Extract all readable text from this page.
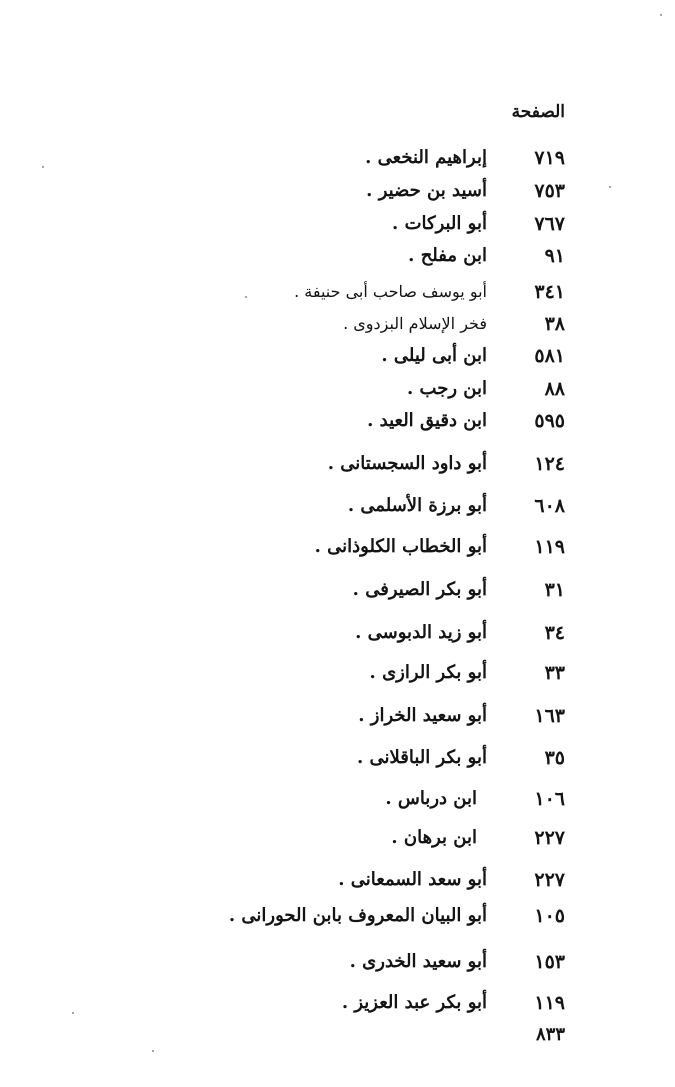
الصفحة
٧١٩
إبراهيم النخعى .
٧٥٣
أسيد بن حضير .
٧٦٧
أبو البركات .
٩١
ابن مفلح .
٣٤١
أبو يوسف صاحب أبى حنيفة .
٣٨
فخر الإسلام البزدوى .
٥٨١
ابن أبى ليلى .
٨٨
ابن رجب .
٥٩٥
ابن دقيق العيد .
١٢٤
أبو داود السجستانى .
٦٠٨
أبو برزة الأسلمى .
١١٩
أبو الخطاب الكلوذانى .
٣١
أبو بكر الصيرفى .
٣٤
أبو زيد الدبوسى .
٣٣
أبو بكر الرازى .
١٦٣
أبو سعيد الخراز .
٣٥
أبو بكر الباقلانى .
١٠٦
ابن درباس .
٢٢٧
ابن برهان .
٢٢٧
أبو سعد السمعانى .
١٠٥
أبو البيان المعروف بابن الحورانى .
١٥٣
أبو سعيد الخدرى .
١١٩
أبو بكر عبد العزيز .
٨٣٣
